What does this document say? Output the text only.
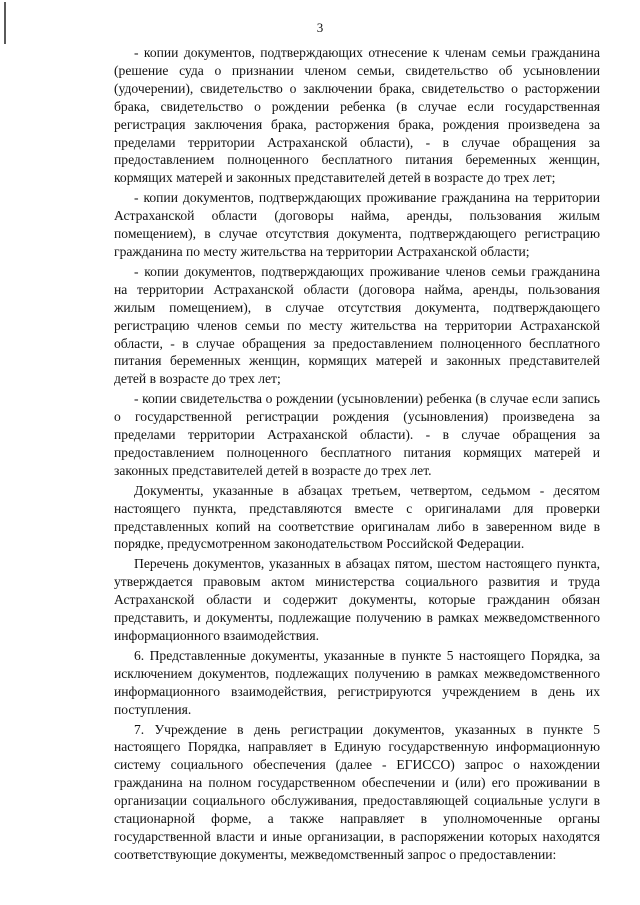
3

- копии документов, подтверждающих отнесение к членам семьи гражданина (решение суда о признании членом семьи, свидетельство об усыновлении (удочерении), свидетельство о заключении брака, свидетельство о расторжении брака, свидетельство о рождении ребенка (в случае если государственная регистрация заключения брака, расторжения брака, рождения произведена за пределами территории Астраханской области), - в случае обращения за предоставлением полноценного бесплатного питания беременных женщин, кормящих матерей и законных представителей детей в возрасте до трех лет;

- копии документов, подтверждающих проживание гражданина на территории Астраханской области (договоры найма, аренды, пользования жилым помещением), в случае отсутствия документа, подтверждающего регистрацию гражданина по месту жительства на территории Астраханской области;

- копии документов, подтверждающих проживание членов семьи гражданина на территории Астраханской области (договора найма, аренды, пользования жилым помещением), в случае отсутствия документа, подтверждающего регистрацию членов семьи по месту жительства на территории Астраханской области, - в случае обращения за предоставлением полноценного бесплатного питания беременных женщин, кормящих матерей и законных представителей детей в возрасте до трех лет;

- копии свидетельства о рождении (усыновлении) ребенка (в случае если запись о государственной регистрации рождения (усыновления) произведена за пределами территории Астраханской области). - в случае обращения за предоставлением полноценного бесплатного питания кормящих матерей и законных представителей детей в возрасте до трех лет.

Документы, указанные в абзацах третьем, четвертом, седьмом - десятом настоящего пункта, представляются вместе с оригиналами для проверки представленных копий на соответствие оригиналам либо в заверенном виде в порядке, предусмотренном законодательством Российской Федерации.

Перечень документов, указанных в абзацах пятом, шестом настоящего пункта, утверждается правовым актом министерства социального развития и труда Астраханской области и содержит документы, которые гражданин обязан представить, и документы, подлежащие получению в рамках межведомственного информационного взаимодействия.

6. Представленные документы, указанные в пункте 5 настоящего Порядка, за исключением документов, подлежащих получению в рамках межведомственного информационного взаимодействия, регистрируются учреждением в день их поступления.

7. Учреждение в день регистрации документов, указанных в пункте 5 настоящего Порядка, направляет в Единую государственную информационную систему социального обеспечения (далее - ЕГИССО) запрос о нахождении гражданина на полном государственном обеспечении и (или) его проживании в организации социального обслуживания, предоставляющей социальные услуги в стационарной форме, а также направляет в уполномоченные органы государственной власти и иные организации, в распоряжении которых находятся соответствующие документы, межведомственный запрос о предоставлении:
